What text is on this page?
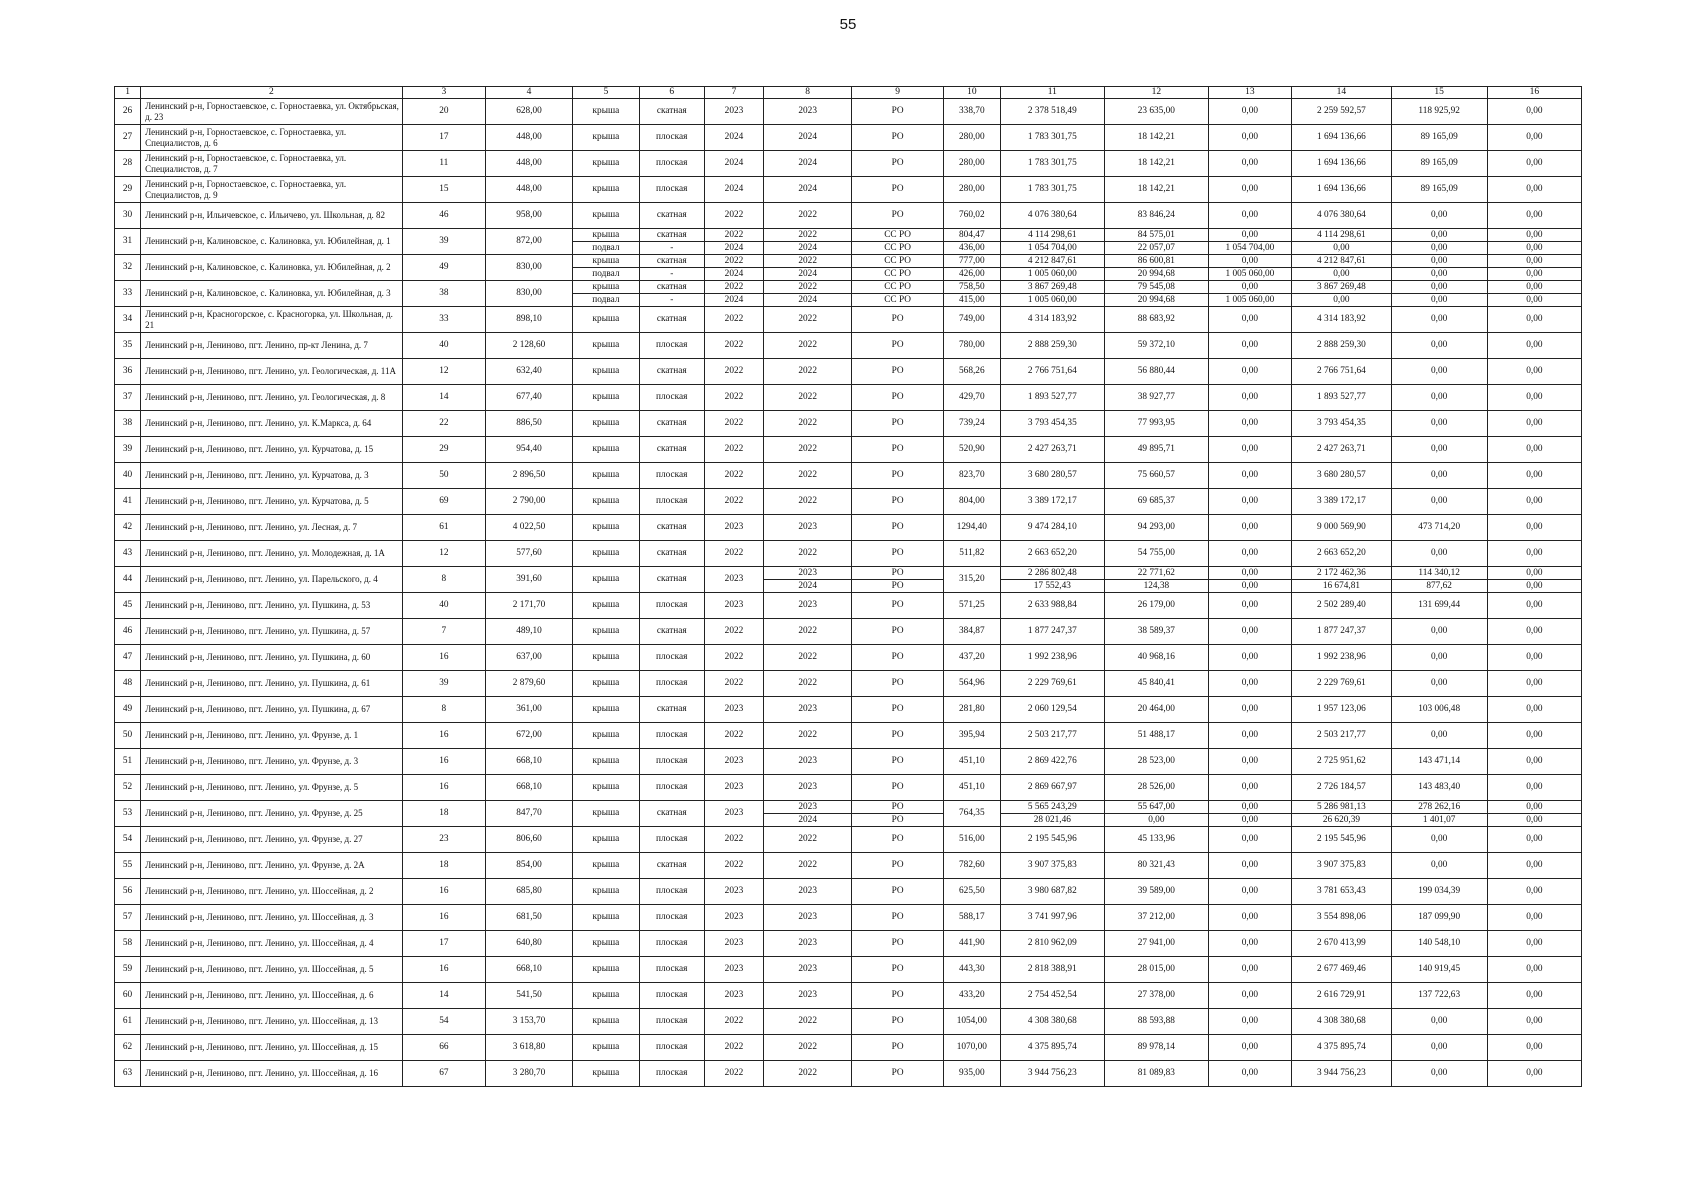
55
1	2	3	4	5	6	7	8	9	10	11	12	13	14	15	16
26	Ленинский р-н, Горностаевское, с. Горностаевка, ул. Октябрьская, д. 23	20	628,00	крыша	скатная	2023	2023	РО	338,70	2 378 518,49	23 635,00	0,00	2 259 592,57	118 925,92	0,00
27	Ленинский р-н, Горностаевское, с. Горностаевка, ул. Специалистов, д. 6	17	448,00	крыша	плоская	2024	2024	РО	280,00	1 783 301,75	18 142,21	0,00	1 694 136,66	89 165,09	0,00
28	Ленинский р-н, Горностаевское, с. Горностаевка, ул. Специалистов, д. 7	11	448,00	крыша	плоская	2024	2024	РО	280,00	1 783 301,75	18 142,21	0,00	1 694 136,66	89 165,09	0,00
29	Ленинский р-н, Горностаевское, с. Горностаевка, ул. Специалистов, д. 9	15	448,00	крыша	плоская	2024	2024	РО	280,00	1 783 301,75	18 142,21	0,00	1 694 136,66	89 165,09	0,00
30	Ленинский р-н, Ильичевское, с. Ильичево, ул. Школьная, д. 82	46	958,00	крыша	скатная	2022	2022	РО	760,02	4 076 380,64	83 846,24	0,00	4 076 380,64	0,00	0,00
31	Ленинский р-н, Калиновское, с. Калиновка, ул. Юбилейная, д. 1	39	872,00	крыша	скатная	2022	2022	СС РО	804,47	4 114 298,61	84 575,01	0,00	4 114 298,61	0,00	0,00
				подвал	-	2024	2024	СС РО	436,00	1 054 704,00	22 057,07	1 054 704,00	0,00	0,00	0,00
32	Ленинский р-н, Калиновское, с. Калиновка, ул. Юбилейная, д. 2	49	830,00	крыша	скатная	2022	2022	СС РО	777,00	4 212 847,61	86 600,81	0,00	4 212 847,61	0,00	0,00
				подвал	-	2024	2024	СС РО	426,00	1 005 060,00	20 994,68	1 005 060,00	0,00	0,00	0,00
33	Ленинский р-н, Калиновское, с. Калиновка, ул. Юбилейная, д. 3	38	830,00	крыша	скатная	2022	2022	СС РО	758,50	3 867 269,48	79 545,08	0,00	3 867 269,48	0,00	0,00
				подвал	-	2024	2024	СС РО	415,00	1 005 060,00	20 994,68	1 005 060,00	0,00	0,00	0,00
34	Ленинский р-н, Красногорское, с. Красногорка, ул. Школьная, д. 21	33	898,10	крыша	скатная	2022	2022	РО	749,00	4 314 183,92	88 683,92	0,00	4 314 183,92	0,00	0,00
35	Ленинский р-н, Лениново, пгт. Ленино, пр-кт Ленина, д. 7	40	2 128,60	крыша	плоская	2022	2022	РО	780,00	2 888 259,30	59 372,10	0,00	2 888 259,30	0,00	0,00
36	Ленинский р-н, Лениново, пгт. Ленино, ул. Геологическая, д. 11А	12	632,40	крыша	скатная	2022	2022	РО	568,26	2 766 751,64	56 880,44	0,00	2 766 751,64	0,00	0,00
37	Ленинский р-н, Лениново, пгт. Ленино, ул. Геологическая, д. 8	14	677,40	крыша	плоская	2022	2022	РО	429,70	1 893 527,77	38 927,77	0,00	1 893 527,77	0,00	0,00
38	Ленинский р-н, Лениново, пгт. Ленино, ул. К.Маркса, д. 64	22	886,50	крыша	скатная	2022	2022	РО	739,24	3 793 454,35	77 993,95	0,00	3 793 454,35	0,00	0,00
39	Ленинский р-н, Лениново, пгт. Ленино, ул. Курчатова, д. 15	29	954,40	крыша	скатная	2022	2022	РО	520,90	2 427 263,71	49 895,71	0,00	2 427 263,71	0,00	0,00
40	Ленинский р-н, Лениново, пгт. Ленино, ул. Курчатова, д. 3	50	2 896,50	крыша	плоская	2022	2022	РО	823,70	3 680 280,57	75 660,57	0,00	3 680 280,57	0,00	0,00
41	Ленинский р-н, Лениново, пгт. Ленино, ул. Курчатова, д. 5	69	2 790,00	крыша	плоская	2022	2022	РО	804,00	3 389 172,17	69 685,37	0,00	3 389 172,17	0,00	0,00
42	Ленинский р-н, Лениново, пгт. Ленино, ул. Лесная, д. 7	61	4 022,50	крыша	скатная	2023	2023	РО	1294,40	9 474 284,10	94 293,00	0,00	9 000 569,90	473 714,20	0,00
43	Ленинский р-н, Лениново, пгт. Ленино, ул. Молодежная, д. 1А	12	577,60	крыша	скатная	2022	2022	РО	511,82	2 663 652,20	54 755,00	0,00	2 663 652,20	0,00	0,00
44	Ленинский р-н, Лениново, пгт. Ленино, ул. Парельского, д. 4	8	391,60	крыша	скатная	2023	2023	РО	315,20	2 286 802,48	22 771,62	0,00	2 172 462,36	114 340,12	0,00
							2024	РО		17 552,43	124,38	0,00	16 674,81	877,62	0,00
45	Ленинский р-н, Лениново, пгт. Ленино, ул. Пушкина, д. 53	40	2 171,70	крыша	плоская	2023	2023	РО	571,25	2 633 988,84	26 179,00	0,00	2 502 289,40	131 699,44	0,00
46	Ленинский р-н, Лениново, пгт. Ленино, ул. Пушкина, д. 57	7	489,10	крыша	скатная	2022	2022	РО	384,87	1 877 247,37	38 589,37	0,00	1 877 247,37	0,00	0,00
47	Ленинский р-н, Лениново, пгт. Ленино, ул. Пушкина, д. 60	16	637,00	крыша	плоская	2022	2022	РО	437,20	1 992 238,96	40 968,16	0,00	1 992 238,96	0,00	0,00
48	Ленинский р-н, Лениново, пгт. Ленино, ул. Пушкина, д. 61	39	2 879,60	крыша	плоская	2022	2022	РО	564,96	2 229 769,61	45 840,41	0,00	2 229 769,61	0,00	0,00
49	Ленинский р-н, Лениново, пгт. Ленино, ул. Пушкина, д. 67	8	361,00	крыша	скатная	2023	2023	РО	281,80	2 060 129,54	20 464,00	0,00	1 957 123,06	103 006,48	0,00
50	Ленинский р-н, Лениново, пгт. Ленино, ул. Фрунзе, д. 1	16	672,00	крыша	плоская	2022	2022	РО	395,94	2 503 217,77	51 488,17	0,00	2 503 217,77	0,00	0,00
51	Ленинский р-н, Лениново, пгт. Ленино, ул. Фрунзе, д. 3	16	668,10	крыша	плоская	2023	2023	РО	451,10	2 869 422,76	28 523,00	0,00	2 725 951,62	143 471,14	0,00
52	Ленинский р-н, Лениново, пгт. Ленино, ул. Фрунзе, д. 5	16	668,10	крыша	плоская	2023	2023	РО	451,10	2 869 667,97	28 526,00	0,00	2 726 184,57	143 483,40	0,00
53	Ленинский р-н, Лениново, пгт. Ленино, ул. Фрунзе, д. 25	18	847,70	крыша	скатная	2023	2023	РО	764,35	5 565 243,29	55 647,00	0,00	5 286 981,13	278 262,16	0,00
							2024	РО		28 021,46	0,00	0,00	26 620,39	1 401,07	0,00
54	Ленинский р-н, Лениново, пгт. Ленино, ул. Фрунзе, д. 27	23	806,60	крыша	плоская	2022	2022	РО	516,00	2 195 545,96	45 133,96	0,00	2 195 545,96	0,00	0,00
55	Ленинский р-н, Лениново, пгт. Ленино, ул. Фрунзе, д. 2А	18	854,00	крыша	скатная	2022	2022	РО	782,60	3 907 375,83	80 321,43	0,00	3 907 375,83	0,00	0,00
56	Ленинский р-н, Лениново, пгт. Ленино, ул. Шоссейная, д. 2	16	685,80	крыша	плоская	2023	2023	РО	625,50	3 980 687,82	39 589,00	0,00	3 781 653,43	199 034,39	0,00
57	Ленинский р-н, Лениново, пгт. Ленино, ул. Шоссейная, д. 3	16	681,50	крыша	плоская	2023	2023	РО	588,17	3 741 997,96	37 212,00	0,00	3 554 898,06	187 099,90	0,00
58	Ленинский р-н, Лениново, пгт. Ленино, ул. Шоссейная, д. 4	17	640,80	крыша	плоская	2023	2023	РО	441,90	2 810 962,09	27 941,00	0,00	2 670 413,99	140 548,10	0,00
59	Ленинский р-н, Лениново, пгт. Ленино, ул. Шоссейная, д. 5	16	668,10	крыша	плоская	2023	2023	РО	443,30	2 818 388,91	28 015,00	0,00	2 677 469,46	140 919,45	0,00
60	Ленинский р-н, Лениново, пгт. Ленино, ул. Шоссейная, д. 6	14	541,50	крыша	плоская	2023	2023	РО	433,20	2 754 452,54	27 378,00	0,00	2 616 729,91	137 722,63	0,00
61	Ленинский р-н, Лениново, пгт. Ленино, ул. Шоссейная, д. 13	54	3 153,70	крыша	плоская	2022	2022	РО	1054,00	4 308 380,68	88 593,88	0,00	4 308 380,68	0,00	0,00
62	Ленинский р-н, Лениново, пгт. Ленино, ул. Шоссейная, д. 15	66	3 618,80	крыша	плоская	2022	2022	РО	1070,00	4 375 895,74	89 978,14	0,00	4 375 895,74	0,00	0,00
63	Ленинский р-н, Лениново, пгт. Ленино, ул. Шоссейная, д. 16	67	3 280,70	крыша	плоская	2022	2022	РО	935,00	3 944 756,23	81 089,83	0,00	3 944 756,23	0,00	0,00
